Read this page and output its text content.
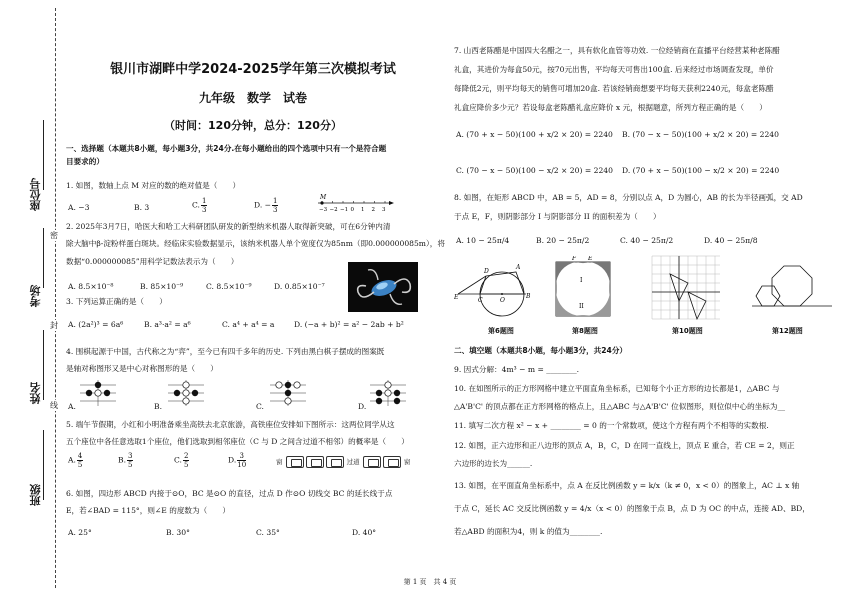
座位号
考场
姓名
班级
密
封
线
银川市湖畔中学2024-2025学年第三次模拟考试
九年级　数学　试卷
（时间：120分钟，总分：120分）
一、选择题（本题共8小题，每小题3分，共24分.在每小题给出的四个选项中只有一个是符合题
目要求的）
1. 如图，数轴上点 M 对应的数的绝对值是（　　）
A. −3	B. 3	C. $\frac{1}{3}$	D. − $\frac{1}{3}$	−3 −2 −1 0 1 2 3
M
2. 2025年3月7日，哈医大和哈工大科研团队研发的新型纳米机器人取得新突破，可在6分钟内清
除大脑中β-淀粉样蛋白斑块。经临床实验数据显示，该纳米机器人单个宽度仅为85nm（即0.000000085m），将
数据“0.000000085”用科学记数法表示为（　　）
A. 8.5×10⁻⁸	B. 85×10⁻⁹	C. 8.5×10⁻⁹	D. 0.85×10⁻⁷
3. 下列运算正确的是（　　）
A. (2a²)³ = 6a⁶	B. a³·a² = a⁶	C. a⁴ + a⁴ = a	D. (−a + b)² = a² − 2ab + b²
4. 围棋起源于中国，古代称之为“弈”，至今已有四千多年的历史. 下列由黑白棋子摆成的图案既
是轴对称图形又是中心对称图形的是（　　）
A.	B.	C.	D.
5. 端午节假期，小红和小明准备乘坐高铁去北京旅游，高铁座位安排如下图所示：这两位同学从这
五个座位中各任意选取1个座位，他们选取到相邻座位（C 与 D 之间含过道不相邻）的概率是（　　）
A. $\frac{4}{5}$	B. $\frac{3}{5}$	C. $\frac{2}{5}$	D. $\frac{3}{10}$	窗	过道	窗
6. 如图，四边形 ABCD 内接于⊙O，BC 是⊙O 的直径，过点 D 作⊙O 切线交 BC 的延长线于点
E，若∠BAD = 115°，则∠E 的度数为（　　）
A. 25°	B. 30°	C. 35°	D. 40°
7. 山西老陈醋是中国四大名醋之一，具有软化血管等功效. 一位经销商在直播平台经营某种老陈醋
礼盒，其进价为每盒50元，按70元出售，平均每天可售出100盒. 后来经过市场调查发现，单价
每降低2元，则平均每天的销售可增加20盒. 若该经销商想要平均每天获利2240元，每盒老陈醋
礼盒应降价多少元？若设每盒老陈醋礼盒应降价 x 元，根据题意，所列方程正确的是（　　）
A. (70 + x − 50)(100 + x/2 × 20) = 2240 B. (70 − x − 50)(100 + x/2 × 20) = 2240
C. (70 − x − 50)(100 − x/2 × 20) = 2240 D. (70 + x − 50)(100 − x/2 × 20) = 2240
8. 如图，在矩形 ABCD 中，AB = 5，AD = 8，分别以点 A，D 为圆心，AB 的长为半径画弧，交 AD
于点 E，F，则阴影部分 I 与阴影部分 II 的面积差为（　　）
A. 10 − 25π/4	B. 20 − 25π/2	C. 40 − 25π/2	D. 40 − 25π/8
E
D
A
B
C	O
第6题图
I
II
F E
第8题图	第10题图	第12题图
二、填空题（本题共8小题，每小题3分，共24分）
9. 因式分解：4m³ − m = ________.
10. 在如图所示的正方形网格中建立平面直角坐标系，已知每个小正方形的边长都是1，△ABC 与
△A'B'C' 的顶点都在正方形网格的格点上，且△ABC 与△A'B'C' 位似图形，则位似中心的坐标为__
11. 填写二次方程 x² − x + ________ = 0 的一个常数项，使这个方程有两个不相等的实数根.
12. 如图，正六边形和正八边形的顶点 A，B，C，D 在同一直线上，顶点 E 重合，若 CE = 2，则正
六边形的边长为______.
13. 如图，在平面直角坐标系中，点 A 在反比例函数 y = k/x（k ≠ 0，x < 0）的图象上，AC ⊥ x 轴
于点 C，延长 AC 交反比例函数 y = 4/x（x < 0）的图象于点 B，点 D 为 OC 的中点，连接 AD、BD，
若△ABD 的面积为4，则 k 的值为________.
第 1 页　共 4 页
